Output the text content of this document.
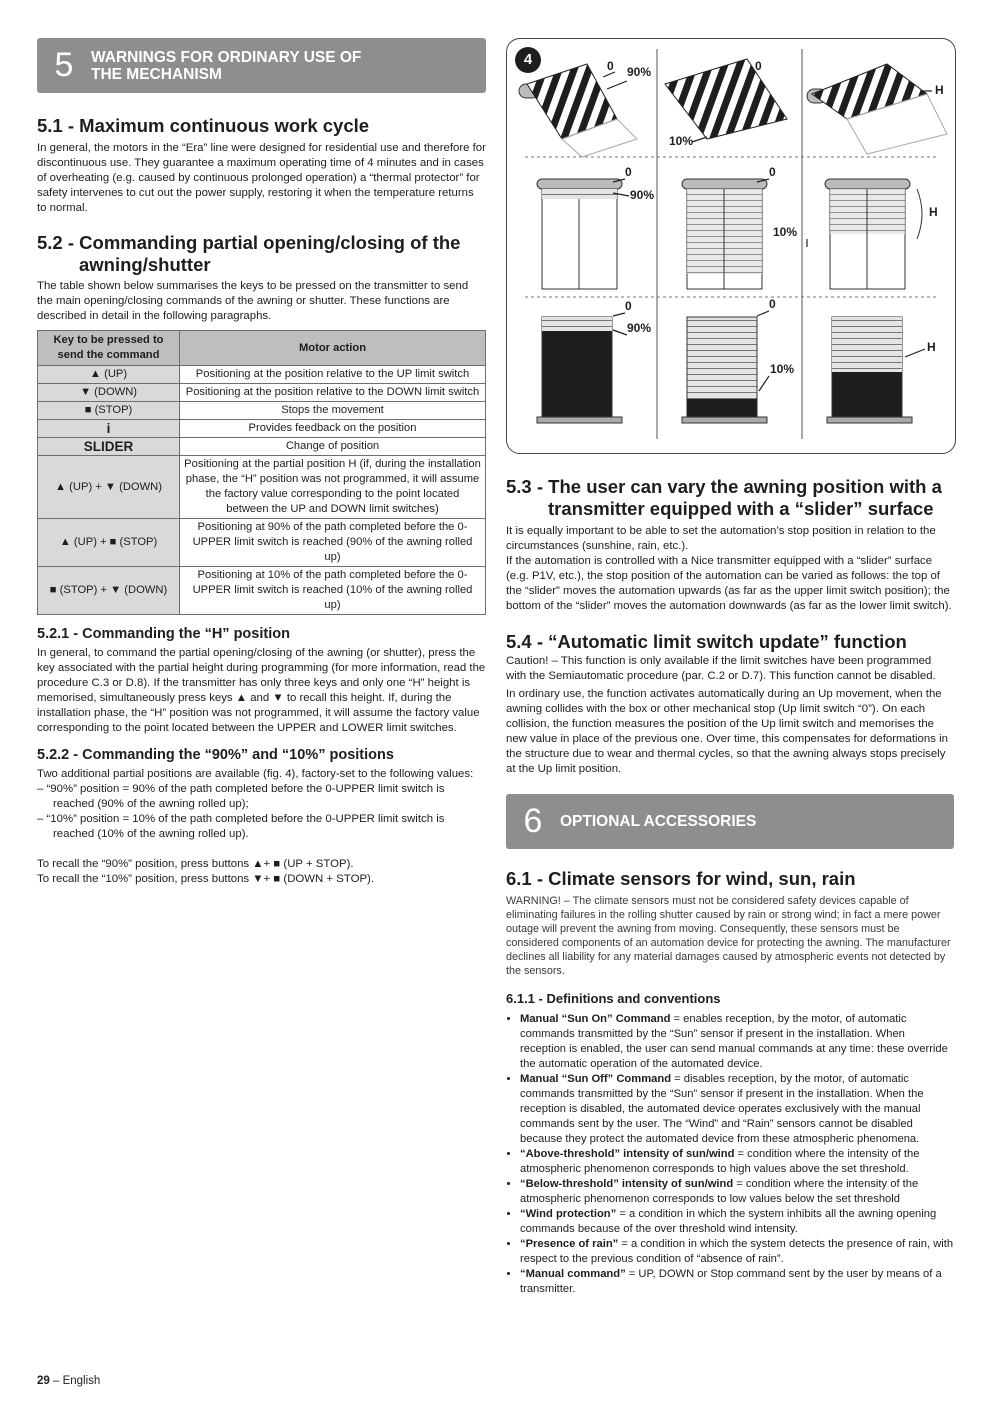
5	WARNINGS FOR ORDINARY USE OF THE MECHANISM
5.1 - Maximum continuous work cycle

In general, the motors in the “Era” line were designed for residential use and therefore for discontinuous use. They guarantee a maximum operating time of 4 minutes and in cases of overheating (e.g. caused by continuous prolonged operation) a “thermal protector” for safety intervenes to cut out the power supply, restoring it when the temperature returns to normal.

5.2 - Commanding partial opening/closing of the
awning/shutter

The table shown below summarises the keys to be pressed on the transmitter to send the main opening/closing commands of the awning or shutter. These functions are described in detail in the following paragraphs.

Key to be pressed to send the command	Motor action
▲ (UP)	Positioning at the position relative to the UP limit switch
▼ (DOWN)	Positioning at the position relative to the DOWN limit switch
■ (STOP)	Stops the movement
i	Provides feedback on the position
SLIDER	Change of position
▲ (UP) + ▼ (DOWN)	Positioning at the partial position H (if, during the installation phase, the “H” position was not programmed, it will assume the factory value corresponding to the point located between the UP and DOWN limit switches)
▲ (UP) + ■ (STOP)	Positioning at 90% of the path completed before the 0-UPPER limit switch is reached (90% of the awning rolled up)
■ (STOP) + ▼ (DOWN)	Positioning at 10% of the path completed before the 0-UPPER limit switch is reached (10% of the awning rolled up)
5.2.1 - Commanding the “H” position

In general, to command the partial opening/closing of the awning (or shutter), press the key associated with the partial height during programming (for more information, read the procedure C.3 or D.8). If the transmitter has only three keys and only one “H” height is memorised, simultaneously press keys ▲ and ▼ to recall this height. If, during the installation phase, the “H” position was not programmed, it will assume the factory value corresponding to the point located between the UPPER and LOWER limit switches.

5.2.2 - Commanding the “90%” and “10%” positions

Two additional partial positions are available (fig. 4), factory-set to the following values:

– “90%” position = 90% of the path completed before the 0-UPPER limit switch is reached (90% of the awning rolled up);
– “10%” position = 10% of the path completed before the 0-UPPER limit switch is reached (10% of the awning rolled up).

To recall the “90%” position, press buttons ▲+ ■ (UP + STOP).

To recall the “10%” position, press buttons ▼+ ■ (DOWN + STOP).

4	0 90%	0
10%
H
0
90%
0
10%
H
0
90%
0
10%
H
5.3 - The user can vary the awning position with a
transmitter equipped with a “slider” surface

It is equally important to be able to set the automation’s stop position in relation to the circumstances (sunshine, rain, etc.).

If the automation is controlled with a Nice transmitter equipped with a “slider” surface (e.g. P1V, etc.), the stop position of the automation can be varied as follows: the top of the “slider” moves the automation upwards (as far as the upper limit switch position); the bottom of the “slider” moves the automation downwards (as far as the lower limit switch).

5.4 - “Automatic limit switch update” function

Caution! – This function is only available if the limit switches have been programmed with the Semiautomatic procedure (par. C.2 or D.7). This function cannot be disabled.

In ordinary use, the function activates automatically during an Up movement, when the awning collides with the box or other mechanical stop (Up limit switch “0”). On each collision, the function measures the position of the Up limit switch and memorises the new value in place of the previous one. Over time, this compensates for deformations in the structure due to wear and thermal cycles, so that the awning always stops precisely at the Up limit position.

6	OPTIONAL ACCESSORIES
6.1 - Climate sensors for wind, sun, rain

WARNING! – The climate sensors must not be considered safety devices capable of eliminating failures in the rolling shutter caused by rain or strong wind; in fact a mere power outage will prevent the awning from moving. Consequently, these sensors must be considered components of an automation device for protecting the awning. The manufacturer declines all liability for any material damages caused by atmospheric events not detected by the sensors.

6.1.1 - Definitions and conventions
• Manual “Sun On” Command = enables reception, by the motor, of automatic commands transmitted by the “Sun” sensor if present in the installation. When reception is enabled, the user can send manual commands at any time: these override the automatic operation of the automated device.
• Manual “Sun Off” Command = disables reception, by the motor, of automatic commands transmitted by the “Sun” sensor if present in the installation. When the reception is disabled, the automated device operates exclusively with the manual commands sent by the user. The “Wind” and “Rain” sensors cannot be disabled because they protect the automated device from these atmospheric phenomena.
• “Above-threshold” intensity of sun/wind = condition where the intensity of the atmospheric phenomenon corresponds to high values above the set threshold.
• “Below-threshold” intensity of sun/wind = condition where the intensity of the atmospheric phenomenon corresponds to low values below the set threshold
• “Wind protection” = a condition in which the system inhibits all the awning opening commands because of the over threshold wind intensity.
• “Presence of rain” = a condition in which the system detects the presence of rain, with respect to the previous condition of “absence of rain”.
• “Manual command” = UP, DOWN or Stop command sent by the user by means of a transmitter.
29 – English
